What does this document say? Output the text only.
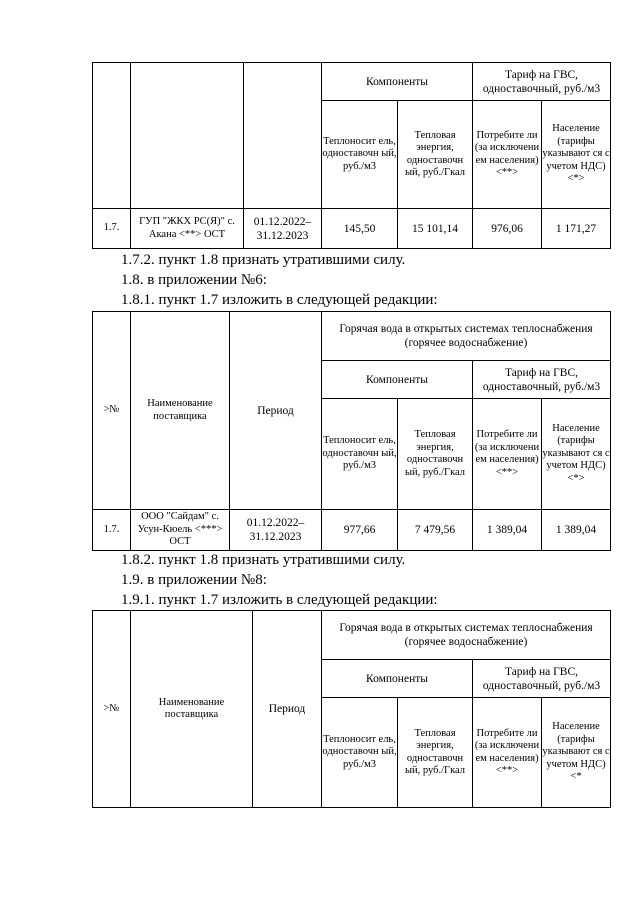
			Компоненты		Тариф на ГВС, одноставочный, руб./м3	
			Теплоносит ель, одноставочн ый, руб./м3	Тепловая энергия, одноставочн ый, руб./Гкал	Потребите ли (за исключени ем населения) <**>	Население (тарифы указывают ся с учетом НДС) <*>
1.7.	ГУП "ЖКХ РС(Я)" с. Акана <**> ОСТ	01.12.2022– 31.12.2023	145,50	15 101,14	976,06	1 171,27
1.7.2. пункт 1.8 признать утратившими силу.
1.8. в приложении №6:
1.8.1. пункт 1.7 изложить в следующей редакции:
>№	Наименование поставщика	Период	Горячая вода в открытых системах теплоснабжения (горячее водоснабжение)			
			Компоненты		Тариф на ГВС, одноставочный, руб./м3	

			Теплоносит ель, одноставочн ый, руб./м3	Тепловая энергия, одноставочн ый, руб./Гкал	Потребите ли (за исключени ем населения) <**>	Население (тарифы указывают ся с учетом НДС) <*>
1.7.	ООО "Сайдам" с. Усун-Кюель <***> ОСТ	01.12.2022– 31.12.2023	977,66	7 479,56	1 389,04	1 389,04
1.8.2. пункт 1.8 признать утратившими силу.
1.9. в приложении №8:
1.9.1. пункт 1.7 изложить в следующей редакции:
>№	Наименование поставщика	Период	Горячая вода в открытых системах теплоснабжения (горячее водоснабжение)			
			Компоненты		Тариф на ГВС, одноставочный, руб./м3	

			Теплоносит ель, одноставочн ый, руб./м3	Тепловая энергия, одноставочн ый, руб./Гкал	Потребите ли (за исключени ем населения) <**>	Население (тарифы указывают ся с учетом НДС) <*
